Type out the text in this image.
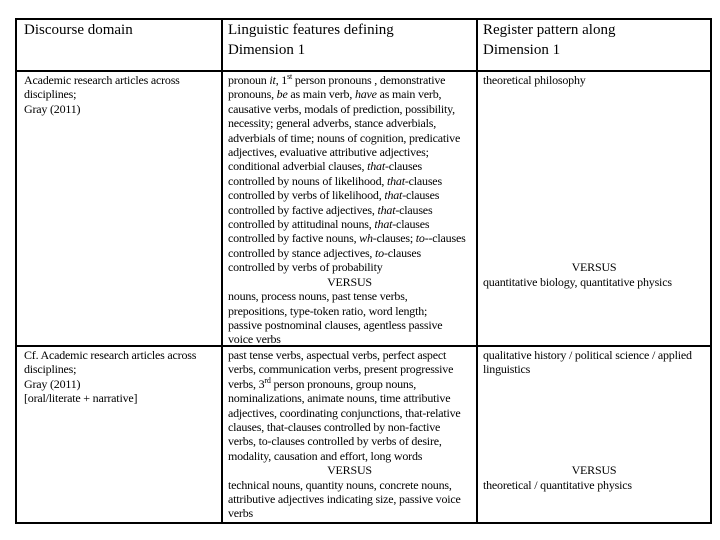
Discourse domain	Linguistic features defining
Dimension 1
Register pattern along
Dimension 1
Academic research articles across
disciplines;
Gray (2011)
pronoun it, 1st person pronouns , demonstrative
pronouns, be as main verb, have as main verb,
causative verbs, modals of prediction, possibility,
necessity; general adverbs, stance adverbials,
adverbials of time; nouns of cognition, predicative
adjectives, evaluative attributive adjectives;
conditional adverbial clauses, that-clauses
controlled by nouns of likelihood, that-clauses
controlled by verbs of likelihood, that-clauses
controlled by factive adjectives, that-clauses
controlled by attitudinal nouns, that-clauses
controlled by factive nouns, wh-clauses; to--clauses
controlled by stance adjectives, to-clauses
controlled by verbs of probability
VERSUS
nouns, process nouns, past tense verbs,
prepositions, type-token ratio, word length;
passive postnominal clauses, agentless passive
voice verbs
theoretical philosophy
VERSUS
quantitative biology, quantitative physics
Cf. Academic research articles across
disciplines;
Gray (2011)
[oral/literate + narrative]
past tense verbs, aspectual verbs, perfect aspect
verbs, communication verbs, present progressive
verbs, 3rd person pronouns, group nouns,
nominalizations, animate nouns, time attributive
adjectives, coordinating conjunctions, that-relative
clauses, that-clauses controlled by non-factive
verbs, to-clauses controlled by verbs of desire,
modality, causation and effort, long words
VERSUS
technical nouns, quantity nouns, concrete nouns,
attributive adjectives indicating size, passive voice
verbs
qualitative history / political science / applied linguistics
VERSUS
theoretical / quantitative physics
